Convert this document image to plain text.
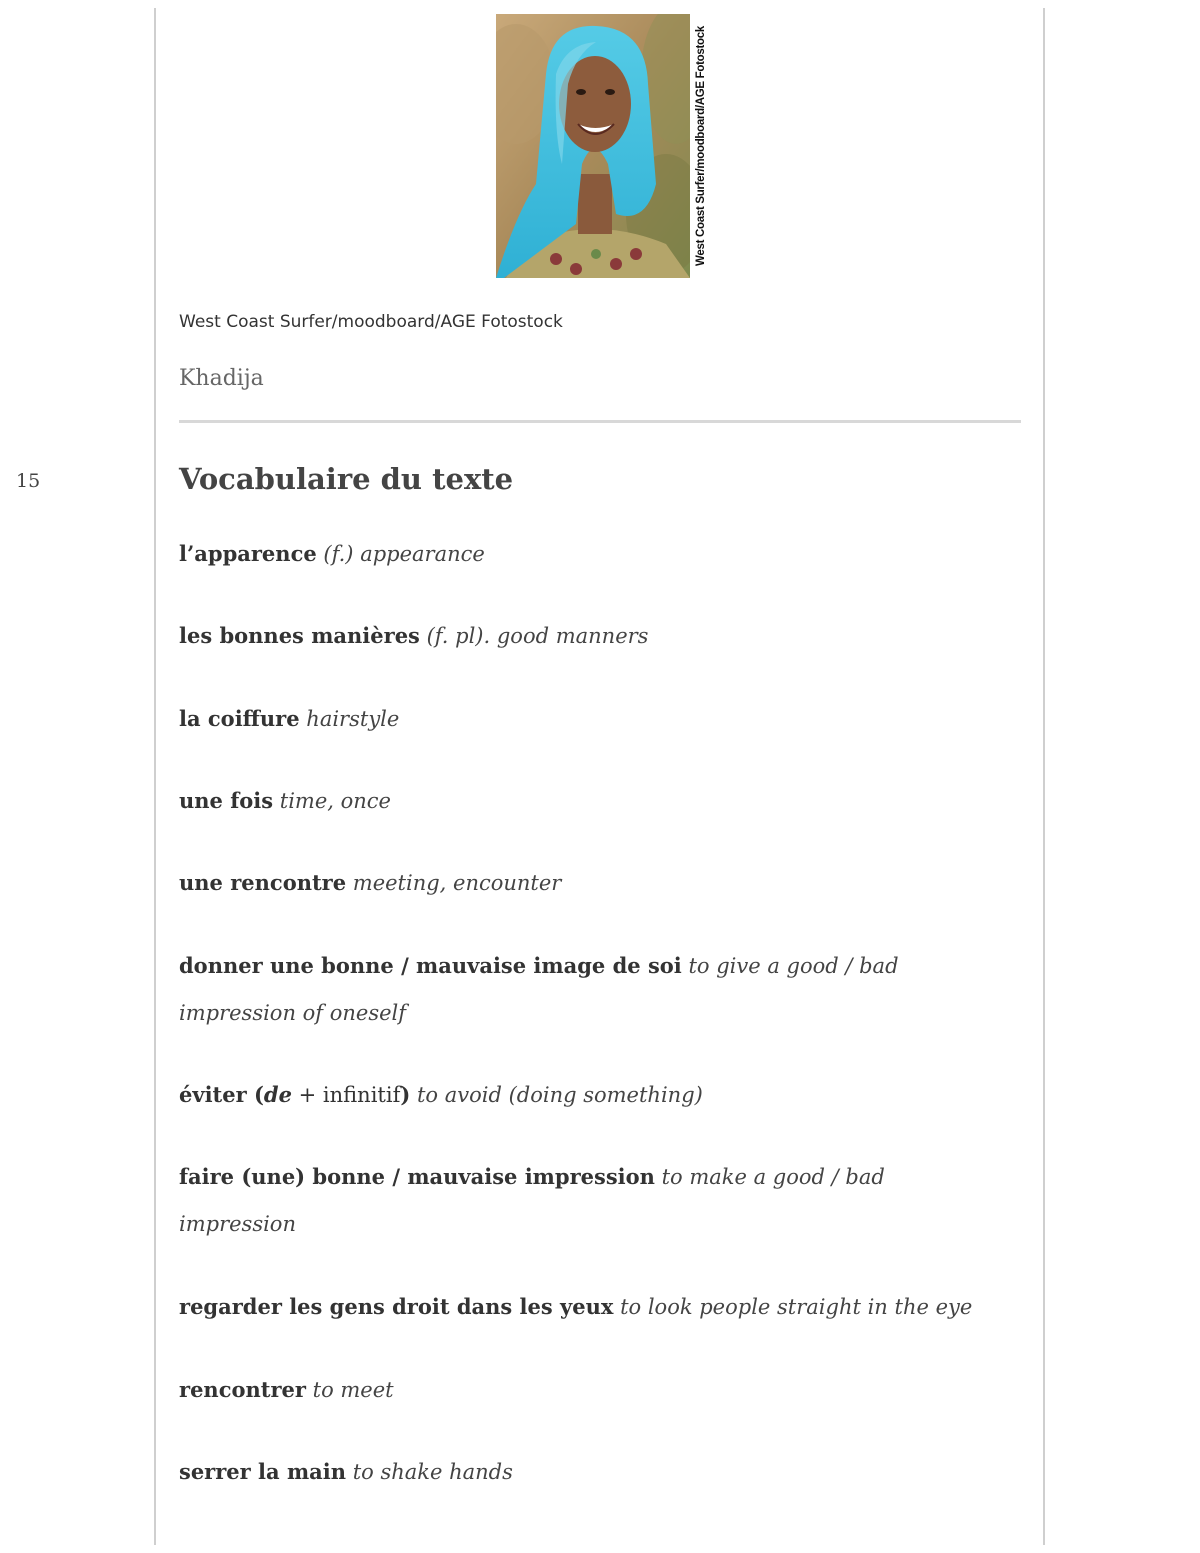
15
West Coast Surfer/moodboard/AGE Fotostock
West Coast Surfer/moodboard/AGE Fotostock
Khadija
Vocabulaire du texte
l’apparence (f.) appearance
les bonnes manières (f. pl). good manners
la coiffure hairstyle
une fois time, once
une rencontre meeting, encounter
donner une bonne / mauvaise image de soi to give a good / bad impression of oneself
éviter (de + infinitif) to avoid (doing something)
faire (une) bonne / mauvaise impression to make a good / bad impression
regarder les gens droit dans les yeux to look people straight in the eye
rencontrer to meet
serrer la main to shake hands
